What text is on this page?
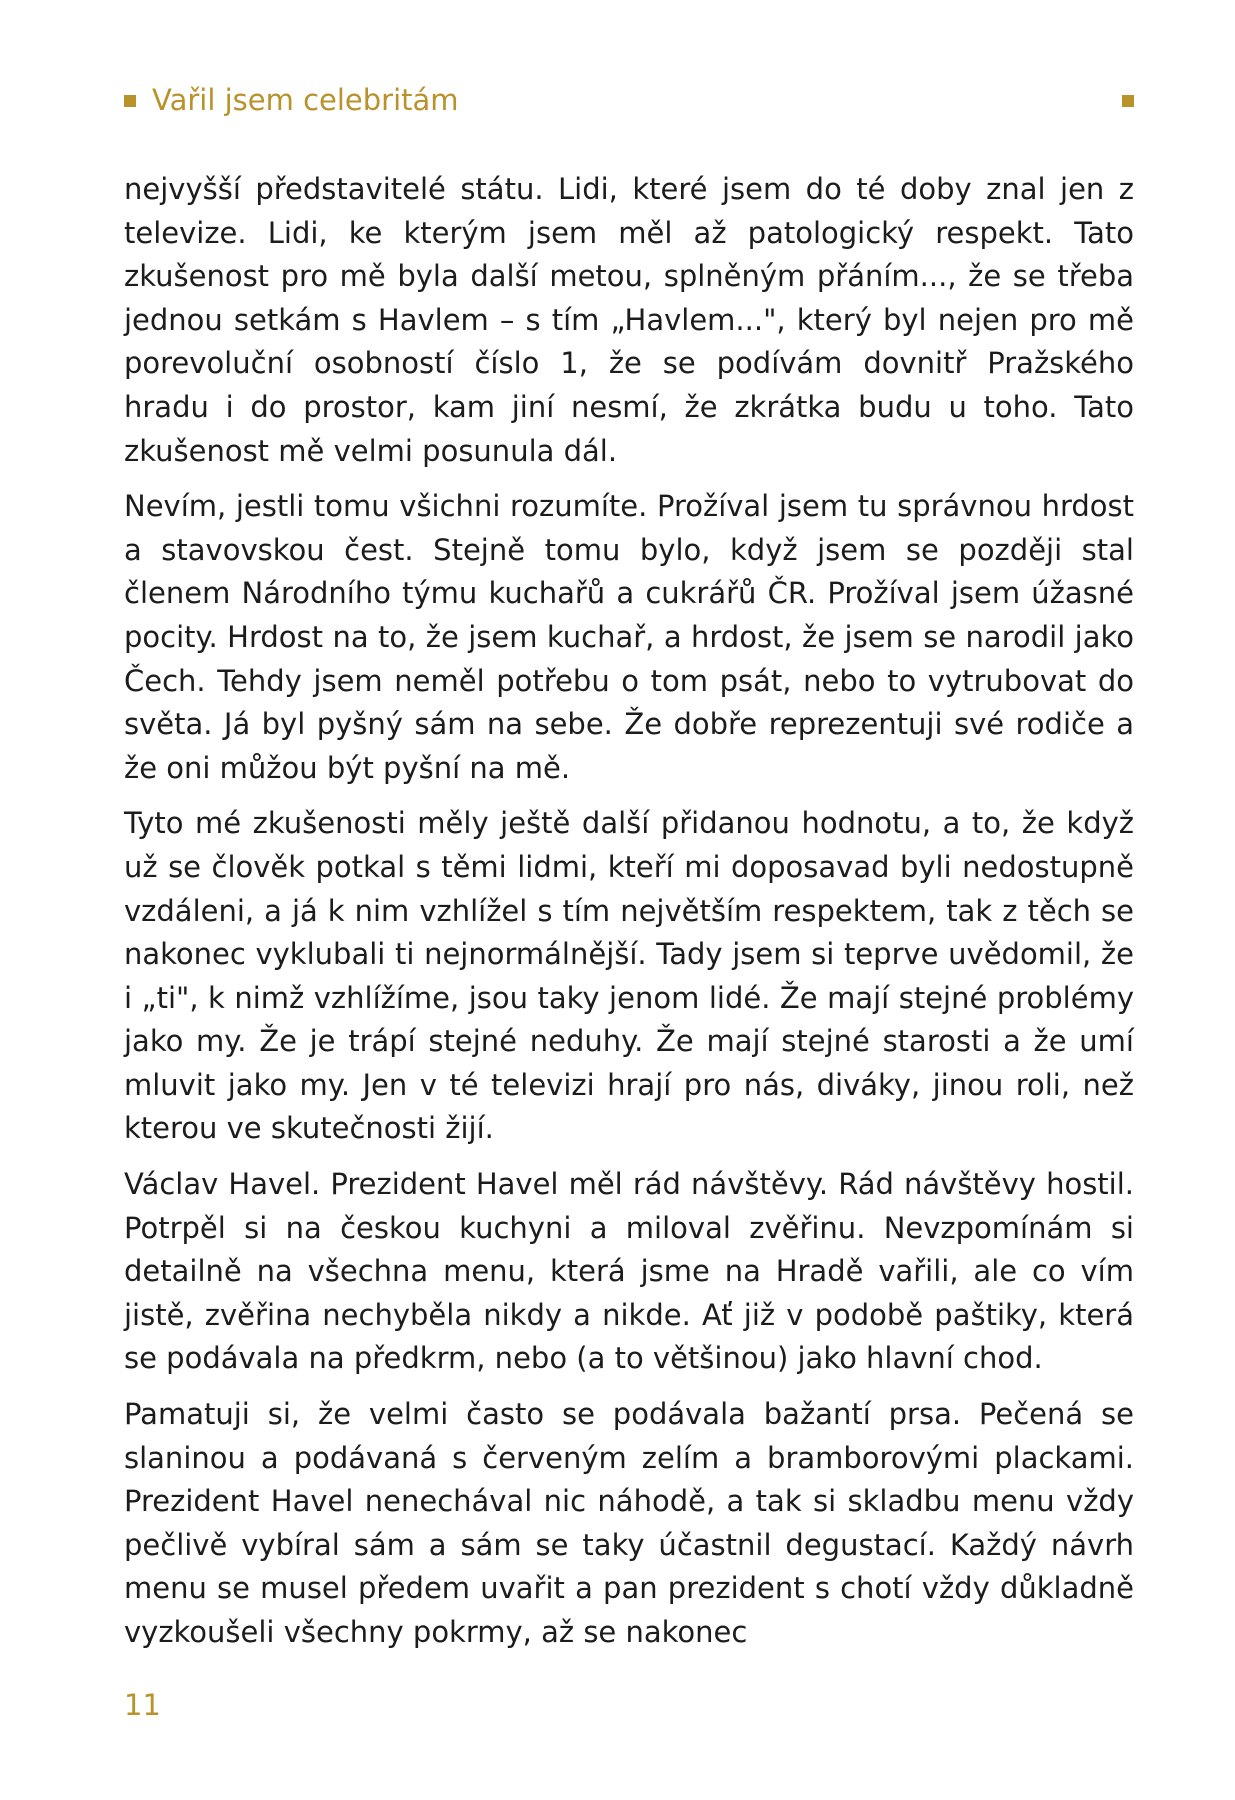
Vařil jsem celebritám

nejvyšší představitelé státu. Lidi, které jsem do té doby znal jen z televize. Lidi, ke kterým jsem měl až patologický respekt. Tato zkušenost pro mě byla další metou, splněným přáním..., že se třeba jednou setkám s Havlem – s tím „Havlem...", který byl nejen pro mě porevoluční osobností číslo 1, že se podívám dovnitř Pražského hradu i do prostor, kam jiní nesmí, že zkrátka budu u toho. Tato zkušenost mě velmi posunula dál.

Nevím, jestli tomu všichni rozumíte. Prožíval jsem tu správnou hrdost a stavovskou čest. Stejně tomu bylo, když jsem se později stal členem Národního týmu kuchařů a cukrářů ČR. Prožíval jsem úžasné pocity. Hrdost na to, že jsem kuchař, a hrdost, že jsem se narodil jako Čech. Tehdy jsem neměl potřebu o tom psát, nebo to vytrubovat do světa. Já byl pyšný sám na sebe. Že dobře reprezentuji své rodiče a že oni můžou být pyšní na mě.

Tyto mé zkušenosti měly ještě další přidanou hodnotu, a to, že když už se člověk potkal s těmi lidmi, kteří mi doposavad byli nedostupně vzdáleni, a já k nim vzhlížel s tím největším respektem, tak z těch se nakonec vyklubali ti nejnormálnější. Tady jsem si teprve uvědomil, že i „ti", k nimž vzhlížíme, jsou taky jenom lidé. Že mají stejné problémy jako my. Že je trápí stejné neduhy. Že mají stejné starosti a že umí mluvit jako my. Jen v té televizi hrají pro nás, diváky, jinou roli, než kterou ve skutečnosti žijí.

Václav Havel. Prezident Havel měl rád návštěvy. Rád návštěvy hostil. Potrpěl si na českou kuchyni a miloval zvěřinu. Nevzpomínám si detailně na všechna menu, která jsme na Hradě vařili, ale co vím jistě, zvěřina nechyběla nikdy a nikde. Ať již v podobě paštiky, která se podávala na předkrm, nebo (a to většinou) jako hlavní chod.

Pamatuji si, že velmi často se podávala bažantí prsa. Pečená se slaninou a podávaná s červeným zelím a bramborovými plackami. Prezident Havel nenechával nic náhodě, a tak si skladbu menu vždy pečlivě vybíral sám a sám se taky účastnil degustací. Každý návrh menu se musel předem uvařit a pan prezident s chotí vždy důkladně vyzkoušeli všechny pokrmy, až se nakonec

11
